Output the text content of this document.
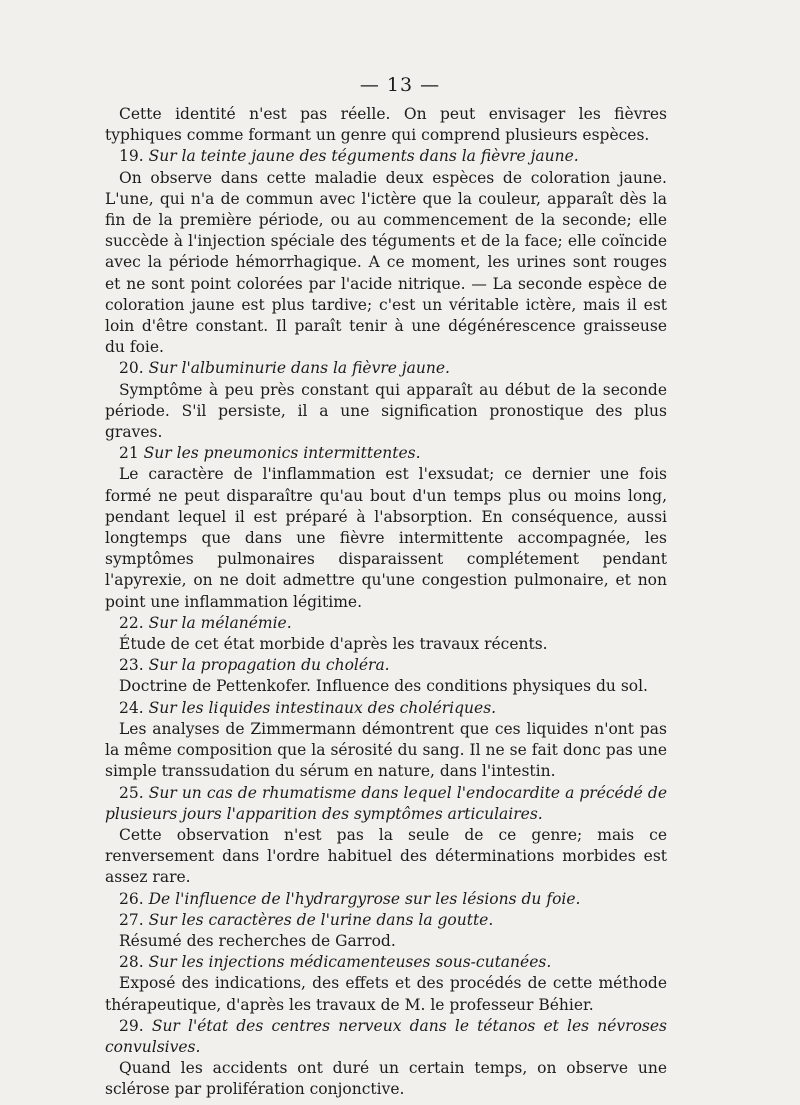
— 13 —

Cette identité n'est pas réelle. On peut envisager les fièvres typhiques comme formant un genre qui comprend plusieurs espèces.

19. Sur la teinte jaune des téguments dans la fièvre jaune.

On observe dans cette maladie deux espèces de coloration jaune. L'une, qui n'a de commun avec l'ictère que la couleur, apparaît dès la fin de la première période, ou au commencement de la seconde; elle succède à l'injection spéciale des téguments et de la face; elle coïncide avec la période hémorrhagique. A ce moment, les urines sont rouges et ne sont point colorées par l'acide nitrique. — La seconde espèce de coloration jaune est plus tardive; c'est un véritable ictère, mais il est loin d'être constant. Il paraît tenir à une dégénérescence graisseuse du foie.

20. Sur l'albuminurie dans la fièvre jaune.

Symptôme à peu près constant qui apparaît au début de la seconde période. S'il persiste, il a une signification pronostique des plus graves.

21 Sur les pneumonics intermittentes.

Le caractère de l'inflammation est l'exsudat; ce dernier une fois formé ne peut disparaître qu'au bout d'un temps plus ou moins long, pendant lequel il est préparé à l'absorption. En conséquence, aussi longtemps que dans une fièvre intermittente accompagnée, les symptômes pulmonaires disparaissent complétement pendant l'apyrexie, on ne doit admettre qu'une congestion pulmonaire, et non point une inflammation légitime.

22. Sur la mélanémie.

Étude de cet état morbide d'après les travaux récents.

23. Sur la propagation du choléra.

Doctrine de Pettenkofer. Influence des conditions physiques du sol.

24. Sur les liquides intestinaux des cholériques.

Les analyses de Zimmermann démontrent que ces liquides n'ont pas la même composition que la sérosité du sang. Il ne se fait donc pas une simple transsudation du sérum en nature, dans l'intestin.

25. Sur un cas de rhumatisme dans lequel l'endocardite a précédé de plusieurs jours l'apparition des symptômes articulaires.

Cette observation n'est pas la seule de ce genre; mais ce renversement dans l'ordre habituel des déterminations morbides est assez rare.

26. De l'influence de l'hydrargyrose sur les lésions du foie.

27. Sur les caractères de l'urine dans la goutte.

Résumé des recherches de Garrod.

28. Sur les injections médicamenteuses sous-cutanées.

Exposé des indications, des effets et des procédés de cette méthode thérapeutique, d'après les travaux de M. le professeur Béhier.

29. Sur l'état des centres nerveux dans le tétanos et les névroses convulsives.

Quand les accidents ont duré un certain temps, on observe une sclérose par prolifération conjonctive.
